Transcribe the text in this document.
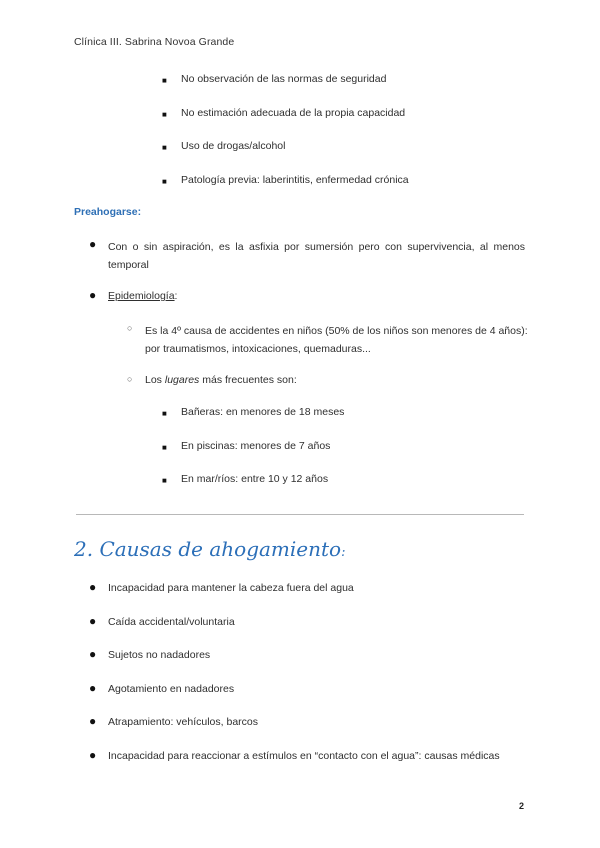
Clínica III. Sabrina Novoa Grande
■ No observación de las normas de seguridad
■ No estimación adecuada de la propia capacidad
■ Uso de drogas/alcohol
■ Patología previa: laberintitis, enfermedad crónica
Preahogarse:
● Con o sin aspiración, es la asfixia por sumersión pero con supervivencia, al menos temporal
● Epidemiología:
○ Es la 4º causa de accidentes en niños (50% de los niños son menores de 4 años): por traumatismos, intoxicaciones, quemaduras...
○ Los lugares más frecuentes son:
■ Bañeras: en menores de 18 meses
■ En piscinas: menores de 7 años
■ En mar/ríos: entre 10 y 12 años
2. Causas de ahogamiento:
● Incapacidad para mantener la cabeza fuera del agua
● Caída accidental/voluntaria
● Sujetos no nadadores
● Agotamiento en nadadores
● Atrapamiento: vehículos, barcos
● Incapacidad para reaccionar a estímulos en “contacto con el agua”: causas médicas
2
